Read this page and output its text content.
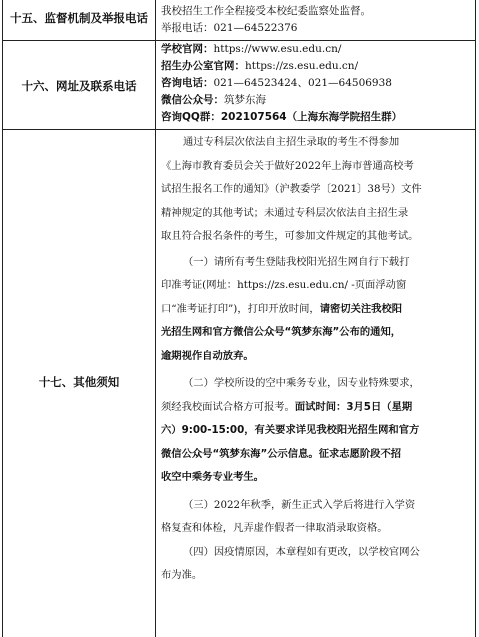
十五、监督机制及举报电话	我校招生工作全程接受本校纪委监察处监督。
举报电话：021—64522376
十六、网址及联系电话
学校官网：https://www.esu.edu.cn/
招生办公室官网：https://zs.esu.edu.cn/
咨询电话：021—64523424、021—64506938
微信公众号：筑梦东海
咨询QQ群：202107564（上海东海学院招生群）
十七、其他须知
通过专科层次依法自主招生录取的考生不得参加
《上海市教育委员会关于做好2022年上海市普通高校考
试招生报名工作的通知》（沪教委学〔2021〕38号）文件
精神规定的其他考试；未通过专科层次依法自主招生录
取且符合报名条件的考生，可参加文件规定的其他考试。
（一）请所有考生登陆我校阳光招生网自行下载打
印准考证(网址：https://zs.esu.edu.cn/ -页面浮动窗
口“准考证打印”)，打印开放时间，请密切关注我校阳
光招生网和官方微信公众号“筑梦东海”公布的通知，
逾期视作自动放弃。
（二）学校所设的空中乘务专业，因专业特殊要求，
须经我校面试合格方可报考。面试时间：3月5日（星期
六）9:00-15:00，有关要求详见我校阳光招生网和官方
微信公众号“筑梦东海”公示信息。征求志愿阶段不招
收空中乘务专业考生。
（三）2022年秋季，新生正式入学后将进行入学资
格复查和体检，凡弄虚作假者一律取消录取资格。
（四）因疫情原因，本章程如有更改，以学校官网公
布为准。
